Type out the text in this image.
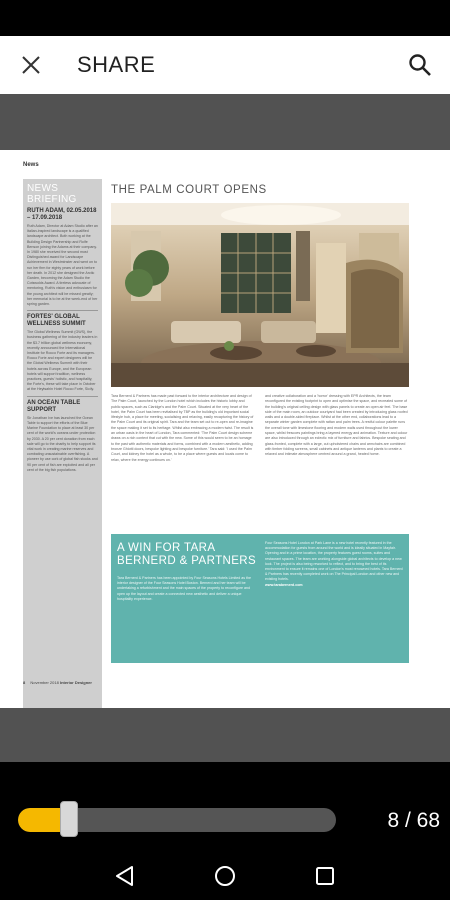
SHARE
News
NEWS
BRIEFING
RUTH ADAM, 02.05.2018 – 17.09.2018
Ruth Adam, Director at Adam Studio after an Italian-inspired landscape is a qualified landscape architect. Both working at the Building Design Partnership and Rolfe Benson joining the Adams at their company. In 1980 she received the second most Distinguished award for Landscape Achievement in Westminster and went on to run her firm for eighty years of work before her death. In 2012 she designed the Arctic Garden, becoming the Adam Studio the Cotswolds Award. A tireless advocate of mentoring, Ruth's vision and enthusiasm for the young architect will be missed greatly; her memorial is to be at the week-end of her spring garden.
FORTES' GLOBAL WELLNESS SUMMIT
The Global Wellness Summit (GWS), the business gathering of the industry leaders in the $3.7 trillion global wellness economy, recently announced the International Institute for Rocco Forte and its managers. Rocco Forte and expert designers will be the Global Wellness Summit with their hotels across Europe, and the European hotels will support tradition, wellness practices, guests' holistic, and hospitality, the Forte's, these will take place in October at the Heytsahin Hotel Rocco Forte, Sicily.
AN OCEAN TABLE SUPPORT
Sir Jonathan Ive has launched the Ocean Table to support the efforts of the Blue Marine Foundation to place at least 30 per cent of the world's oceans under protection by 2030. A 20 per cent donation from each sale will go to the charity to help support its vital work in creating marine reserves and combating unsustainable overfishing. A pioneer by use cork of global fish stocks and 90 per cent of fish are exploited and all per cent of the big fish populations.
THE PALM COURT OPENS
Tara Bernerd & Partners has made past forward to the interior architecture and design of The Palm Court, launched by the London hotel which includes the historic lobby and public spaces, such as Claridge's and the Palm Court. Situated at the very heart of the hotel, the Palm Court has been revitalised by TBP as the building's old important social lifestyle hub, a place for meeting, socialising and relaxing, easily recapturing the history of the Palm Court and its original spirit. Tara and the team set out to re-open and re-imagine the space making it set to its heritage. Whilst also embracing a modern twist. The result is an urban oasis in the heart of London, Tara commented: 'The Palm Court design scheme draws on a rich context that cut with the new. Some of this would seem to be an homage to the past with authentic materials and forms, combined with a modern aesthetic, adding bronze Ghiotti doors, bespoke lighting and bespoke furniture.' Tara said: 'I used the Palm Court, and kidney the hotel as a whole, to be a place where guests and locals come to relax, where the energy continues on.'
and creative collaboration and a 'horror' dressing with EPR Architects, the team reconfigured the existing footprint to open and optimise the space, and recreated some of the building's original ceiling design with glass panels to create an open air feel. The base side of the main room, an outdoor courtyard had been created by introducing glass roofed walls and a double-sided fireplace. Whilst at the other end, collaborations lead to a separate winter garden complete with rattan and palm trees. A restful colour palette runs the overall tone with limestone flooring and modern walls used throughout the lower space, whilst frescoes paintings bring a layered energy and animation. Texture and colour are also introduced through an eclectic mix of furniture and fabrics. Bespoke seating and glass-fronted, complete with a large, cut upholstered chairs and armchairs are combined with timber folding screens, small cabinets and antique lanterns and plants to create a relaxed and intimate atmosphere centred around a grand, heated home.
A WIN FOR TARA BERNERD & PARTNERS
Tara Bernerd & Partners has been appointed by Four Seasons Hotels Limited as the interior designer of the Four Seasons Hotel Boston. Bernerd and her team will be undertaking a refurbishment and the main spaces of the property to reconfigure and open up the layout and create a connected new aesthetic and deliver a unique hospitality experience.
Four Seasons Hotel London at Park Lane is a new hotel recently featured in the accommodation for guests from around the world and is ideally situated in Mayfair. Opening and in a prime location, the property features guest rooms, suites and restaurant spaces. The team are working alongside global architects to develop a new look. The project is also being reworked to reflect, and to bring the best of its environment to ensure it remains one of London's most renowned hotels. Tara Bernerd & Partners has recently completed work on The Principal London and other new and existing hotels.
www.tarabernerd.com
8 November 2018 Interior Designer
8 / 68
